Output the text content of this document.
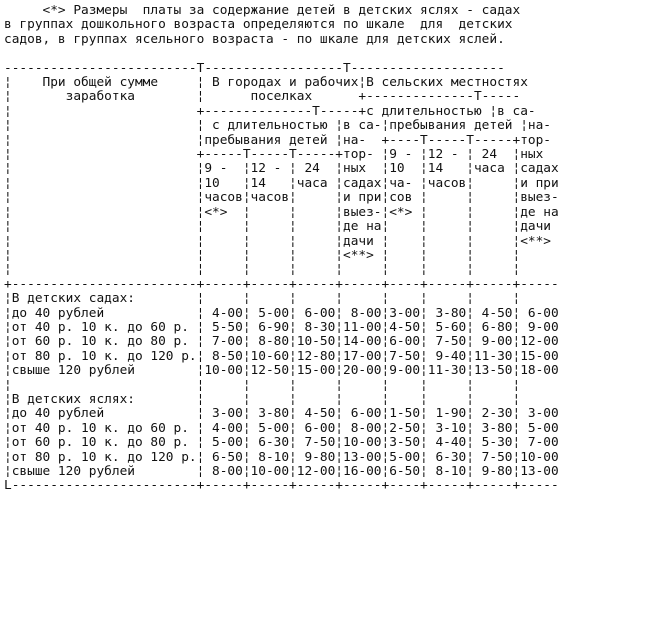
<*> Размеры  платы за содержание детей в детских яслях - садах
в группах дошкольного возраста определяются по шкале  для  детских
садов, в группах ясельного возраста - по шкале для детских яслей.

-------------------------T------------------T--------------------
¦    При общей сумме     ¦ В городах и рабочих¦В сельских местностях
¦       заработка        ¦      поселках      +--------------T-----
¦                        +--------------T-----+с длительностью ¦в са-
¦                        ¦ с длительностью ¦в са-¦пребывания детей ¦на-
¦                        ¦пребывания детей ¦на-  +----T-----T-----+тор-
¦                        +-----T-----T-----+тор- ¦9 - ¦12 - ¦ 24  ¦ных
¦                        ¦9 -  ¦12 - ¦ 24  ¦ных  ¦10  ¦14   ¦часа ¦садах
¦                        ¦10   ¦14   ¦часа ¦садах¦ча- ¦часов¦     ¦и при
¦                        ¦часов¦часов¦     ¦и при¦сов ¦     ¦     ¦выез-
¦                        ¦<*>  ¦     ¦     ¦выез-¦<*> ¦     ¦     ¦де на
¦                        ¦     ¦     ¦     ¦де на¦    ¦     ¦     ¦дачи
¦                        ¦     ¦     ¦     ¦дачи ¦    ¦     ¦     ¦<**>
¦                        ¦     ¦     ¦     ¦<**> ¦    ¦     ¦     ¦
¦                        ¦     ¦     ¦     ¦     ¦    ¦     ¦     ¦
+------------------------+-----+-----+-----+-----+----+-----+-----+-----
¦В детских садах:        ¦     ¦     ¦     ¦     ¦    ¦     ¦     ¦
¦до 40 рублей            ¦ 4-00¦ 5-00¦ 6-00¦ 8-00¦3-00¦ 3-80¦ 4-50¦ 6-00
¦от 40 р. 10 к. до 60 р. ¦ 5-50¦ 6-90¦ 8-30¦11-00¦4-50¦ 5-60¦ 6-80¦ 9-00
¦от 60 р. 10 к. до 80 р. ¦ 7-00¦ 8-80¦10-50¦14-00¦6-00¦ 7-50¦ 9-00¦12-00
¦от 80 р. 10 к. до 120 р.¦ 8-50¦10-60¦12-80¦17-00¦7-50¦ 9-40¦11-30¦15-00
¦свыше 120 рублей        ¦10-00¦12-50¦15-00¦20-00¦9-00¦11-30¦13-50¦18-00
¦                        ¦     ¦     ¦     ¦     ¦    ¦     ¦     ¦
¦В детских яслях:        ¦     ¦     ¦     ¦     ¦    ¦     ¦     ¦
¦до 40 рублей            ¦ 3-00¦ 3-80¦ 4-50¦ 6-00¦1-50¦ 1-90¦ 2-30¦ 3-00
¦от 40 р. 10 к. до 60 р. ¦ 4-00¦ 5-00¦ 6-00¦ 8-00¦2-50¦ 3-10¦ 3-80¦ 5-00
¦от 60 р. 10 к. до 80 р. ¦ 5-00¦ 6-30¦ 7-50¦10-00¦3-50¦ 4-40¦ 5-30¦ 7-00
¦от 80 р. 10 к. до 120 р.¦ 6-50¦ 8-10¦ 9-80¦13-00¦5-00¦ 6-30¦ 7-50¦10-00
¦свыше 120 рублей        ¦ 8-00¦10-00¦12-00¦16-00¦6-50¦ 8-10¦ 9-80¦13-00
L------------------------+-----+-----+-----+-----+----+-----+-----+-----
